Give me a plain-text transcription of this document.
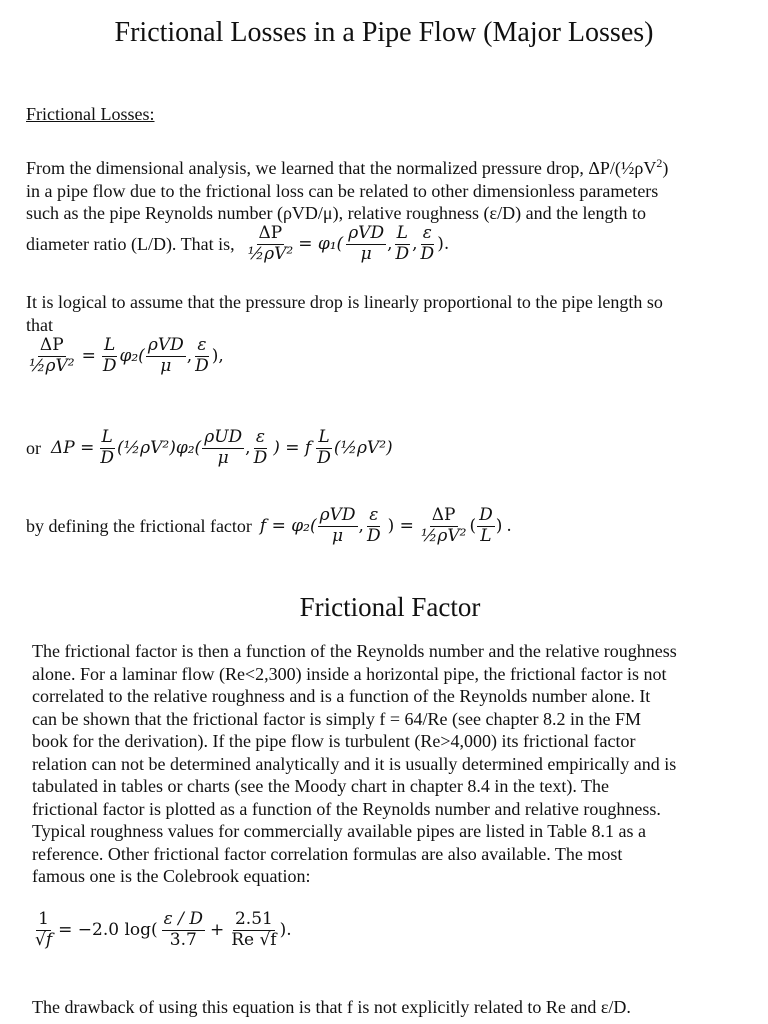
Frictional Losses in a Pipe Flow (Major Losses)
Frictional Losses:
From the dimensional analysis, we learned that the normalized pressure drop, $\Delta P/(\frac{1}{2}\rho V^2)$
in a pipe flow due to the frictional loss can be related to other dimensionless parameters
such as the pipe Reynolds number (ρVD/μ), relative roughness (ε/D) and the length to
diameter ratio (L/D). That is, $\frac{\Delta P}{\text{½ρV²}} = \varphi_1( \frac{\text{ρVD}}{\mu}$ , $\frac{L}{D}$ , $\frac{\varepsilon}{D}$ ).
It is logical to assume that the pressure drop is linearly proportional to the pipe length so
that
$\frac{\Delta P}{\text{½ρV²}} = \frac{L}{D} \varphi_2( \frac{\text{ρVD}}{\mu}$ , $\frac{\varepsilon}{D}$ ),
or $\Delta P = \frac{L}{D}$ (½ρV²)φ₂( $\frac{\text{ρUD}}{\mu}$ , $\frac{\varepsilon}{D}$ ) = f $\frac{L}{D}$ (½ρV²)
by defining the frictional factor $f = \varphi_2( \frac{\text{ρVD}}{\mu}$ , $\frac{\varepsilon}{D}$ ) = $\frac{\Delta P}{\text{½ρV²}}$ ( $\frac{D}{L}$ ) .
Frictional Factor
The frictional factor is then a function of the Reynolds number and the relative roughness
alone. For a laminar flow (Re<2,300) inside a horizontal pipe, the frictional factor is not
correlated to the relative roughness and is a function of the Reynolds number alone. It
can be shown that the frictional factor is simply f = 64/Re (see chapter 8.2 in the FM
book for the derivation). If the pipe flow is turbulent (Re>4,000) its frictional factor
relation can not be determined analytically and it is usually determined empirically and is
tabulated in tables or charts (see the Moody chart in chapter 8.4 in the text). The
frictional factor is plotted as a function of the Reynolds number and relative roughness.
Typical roughness values for commercially available pipes are listed in Table 8.1 as a
reference. Other frictional factor correlation formulas are also available. The most
famous one is the Colebrook equation:
$\frac{1}{√f} = -2.0$ $\log( \frac{\varepsilon / D}{3.7} + \frac{2.51}{Re √f}$ ).
The drawback of using this equation is that f is not explicitly related to Re and ε/D.
